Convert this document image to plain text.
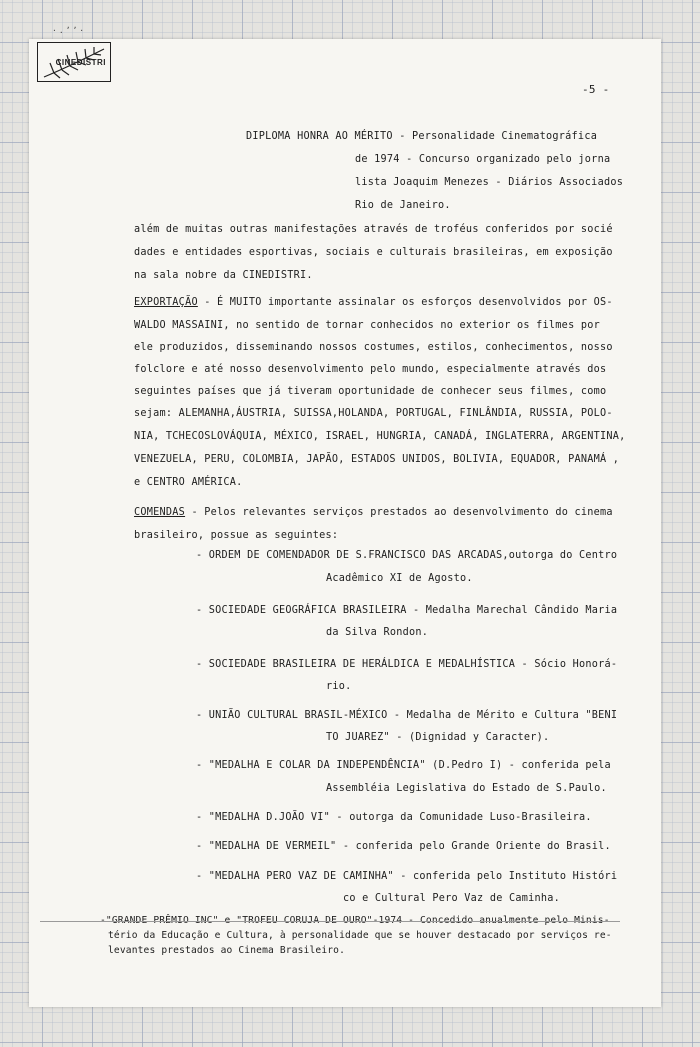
·.ʼʼ·
CINEDISTRI
-5 -
DIPLOMA HONRA AO MÉRITO - Personalidade Cinematográfica
de 1974 - Concurso organizado pelo jorna
lista Joaquim Menezes - Diários Associados
Rio de Janeiro.
além de muitas outras manifestações através de troféus conferidos por socié
dades e entidades esportivas, sociais e culturais brasileiras, em exposição
na sala nobre da CINEDISTRI.
EXPORTAÇÃO - É MUITO importante assinalar os esforços desenvolvidos por OS-
WALDO MASSAINI, no sentido de tornar conhecidos no exterior os filmes por
ele produzidos, disseminando nossos costumes, estilos, conhecimentos, nosso
folclore e até nosso desenvolvimento pelo mundo, especialmente através dos
seguintes países que já tiveram oportunidade de conhecer seus filmes, como
sejam: ALEMANHA,ÁUSTRIA, SUISSA,HOLANDA, PORTUGAL, FINLÂNDIA, RUSSIA, POLO-
NIA, TCHECOSLOVÁQUIA, MÉXICO, ISRAEL, HUNGRIA, CANADÁ, INGLATERRA, ARGENTINA,
VENEZUELA, PERU, COLOMBIA, JAPÃO, ESTADOS UNIDOS, BOLIVIA, EQUADOR, PANAMÁ ,
e CENTRO AMÉRICA.
COMENDAS - Pelos relevantes serviços prestados ao desenvolvimento do cinema
brasileiro, possue as seguintes:
- ORDEM DE COMENDADOR DE S.FRANCISCO DAS ARCADAS,outorga do Centro
Acadêmico XI de Agosto.
- SOCIEDADE GEOGRÁFICA BRASILEIRA - Medalha Marechal Cândido Maria
da Silva Rondon.
- SOCIEDADE BRASILEIRA DE HERÁLDICA E MEDALHÍSTICA - Sócio Honorá-
rio.
- UNIÃO CULTURAL BRASIL-MÉXICO - Medalha de Mérito e Cultura "BENI
TO JUAREZ" - (Dignidad y Caracter).
- "MEDALHA E COLAR DA INDEPENDÊNCIA" (D.Pedro I) - conferida pela
Assembléia Legislativa do Estado de S.Paulo.
- "MEDALHA D.JOÃO VI" - outorga da Comunidade Luso-Brasileira.
- "MEDALHA DE VERMEIL" - conferida pelo Grande Oriente do Brasil.
- "MEDALHA PERO VAZ DE CAMINHA" - conferida pelo Instituto Históri
co e Cultural Pero Vaz de Caminha.
tério da Educação e Cultura, à personalidade que se houver destacado por serviços re-
levantes prestados ao Cinema Brasileiro.
